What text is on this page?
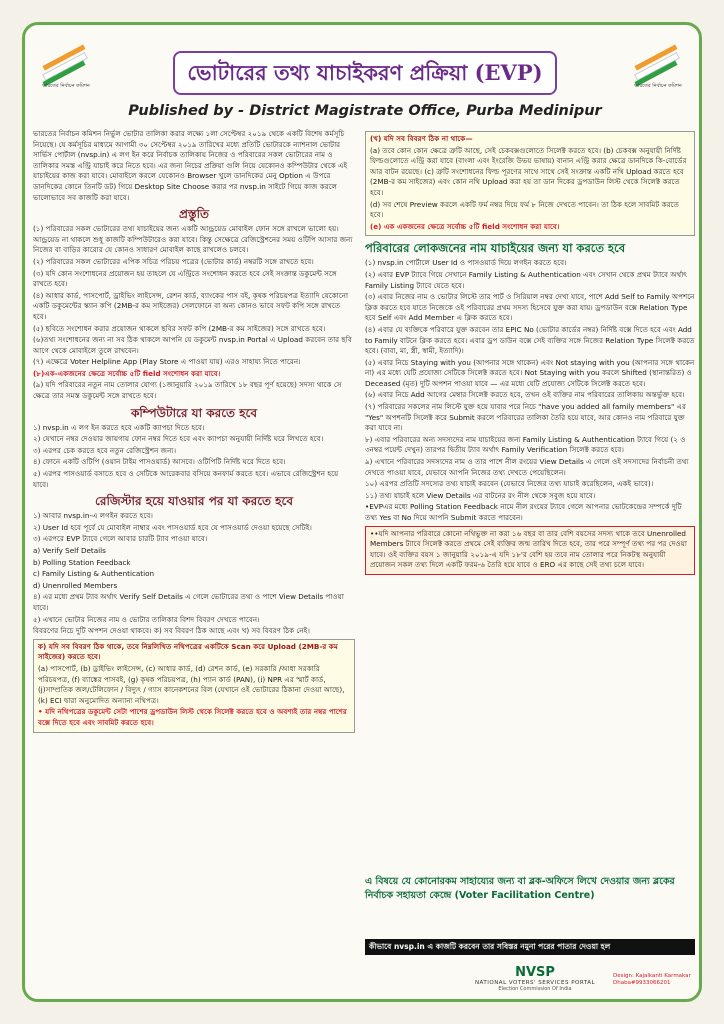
ভারতের নির্বাচন কমিশন	ভারতের নির্বাচন কমিশন
ভোটারের তথ্য যাচাইকরণ প্রক্রিয়া (EVP)
Published by - District Magistrate Office, Purba Medinipur

ভারতের নির্বাচন কমিশন নির্ভুল ভোটার তালিকা করার লক্ষ্যে ১লা সেপ্টেম্বর ২০১৯ থেকে একটি বিশেষ কর্মসূচি নিয়েছে। যে কর্মসূচির মাধ্যমে আগামী ৩০ সেপ্টেম্বর ২০১৯ তারিখের মধ্যে প্রতিটি ভোটারকে ন্যাশনাল ভোটার সার্ভিস পোর্টাল (nvsp.in) এ লগ ইন করে নির্বাচক তালিকায় নিজের ও পরিবারের সকল ভোটারের নাম ও তালিকার সমস্ত এন্ট্রি যাচাই করে নিতে হবে। এর জন্য নিচের প্রক্রিয়া গুলি নিয়ে যেকোনও কম্পিউটার থেকে এই যাচাইয়ের কাজ করা যাবে। মোবাইলে করলে যেকোনও Browser খুলে ডানদিকের মেনু Option এ উপরে ডানদিকের কোনে তিনটি ডট) গিয়ে Desktop Site Choose করার পর nvsp.in সাইটে গিয়ে কাজ করলে ভালোভাবে সব কাজটি করা যাবে।

প্রস্তুতি

(১) পরিবারের সকল ভোটারের তথ্য যাচাইয়ের জন্য একটি আন্ড্রয়েড মোবাইল ফোন সঙ্গে রাখলে ভালো হয়। আন্ড্রয়েড না থাকলে শুধু কাজটি কম্পিউটারেও করা যাবে। কিন্তু সেক্ষেত্রে রেজিস্ট্রেশনের সময় ওটিপি আসার জন্য নিজের বা বাড়ির কারোর যে কোনও সাধারণ মোবাইল কাছে রাখলেও চলবে।

(২) পরিবারের সকল ভোটারের এপিক সচিত্র পরিচয় পত্রের (ভোটার কার্ড) নম্বরটি সঙ্গে রাখতে হবে।

(৩) যদি কোন সংশোধনের প্রয়োজন হয় তাহলে যে এন্ট্রিতে সংশোধন করতে হবে সেই সংক্রান্ত ডকুমেন্ট সঙ্গে রাখতে হবে।

(৪) আধার কার্ড, পাসপোর্ট, ড্রাইভিং লাইসেন্স, রেশন কার্ড, ব্যাংকের পাস বই, কৃষক পরিচয়পত্র ইত্যাদি যেকোনো একটি ডকুমেন্টের স্ক্যান কপি (2MB-র কম সাইজের) সেলফোনে বা অন্য কোনও ভাবে সফট কপি সঙ্গে রাখতে হবে।

(৫) ছবিতে সংশোধন করার প্রয়োজন থাকলে ছবির সফট কপি (2MB-র কম সাইজের) সঙ্গে রাখতে হবে।

(৬)তথ্য সংশোধনের জন্য না সব ঠিক থাকলে আপনি যে ডকুমেন্ট nvsp.in Portal এ Upload করবেন তার ছবি আগে থেকে মোবাইলে তুলে রাখবেন।

(৭) এক্ষেত্রে Voter Helpline App (Play Store এ পাওয়া যায়) এরও সাহায্য নিতে পারেন।

(৮)এক-একজনের ক্ষেত্রে সর্বোচ্চ ৫টি field সংশোধন করা যাবে।

(৯) যদি পরিবারের নতুন নাম তোলার যোগ্য (১জানুয়ারি ২০১৯ তারিখে ১৮ বছর পূর্ণ হয়েছে) সদস্য থাকে সে ক্ষেত্রে তার সমস্ত ডকুমেন্ট সঙ্গে রাখতে হবে।

কম্পিউটারে যা করতে হবে

১) nvsp.in এ লগ ইন করতে হবে একটি ক্যাপচা দিতে হবে।

২) যেখানে নম্বর দেওয়ার জায়গায় ফোন নম্বর দিতে হবে এবং ক্যাপচা অনুযায়ী নির্দিষ্ট ঘরে লিখতে হবে।

৩) এরপর চেক করতে হবে নতুন রেজিস্ট্রেশন জন্য।

৪) ফোনে একটি ওটিপি (ওয়ান টাইম পাসওয়ার্ড) আসবে। ওটিপিটি নির্দিষ্ট ঘরে দিতে হবে।

৫) এরপর পাসওয়ার্ড বসাতে হবে ও সেটিকে আরেকবার বসিয়ে কনফার্ম করতে হবে। এভাবে রেজিস্ট্রেশন হয়ে যাবে।

রেজিস্টার হয়ে যাওয়ার পর যা করতে হবে

১) আবার nvsp.in-এ লগইন করতে হবে।

২) User Id হবে পূর্বে যে মোবাইল নাম্বার এবং পাসওয়ার্ড হবে যে পাসওয়ার্ড দেওয়া হয়েছে সেটিই।

৩) এরপরে EVP ট্যাবে গেলে আবার চারটি ট্যাব পাওয়া যাবে।

a) Verify Self Details

b) Polling Station Feedback

c) Family Listing & Authentication

d) Unenrolled Members

৪) এর মধ্যে প্রথম ট্যাব অর্থাৎ Verify Self Details এ গেলে ভোটারের তথ্য ও পাশে View Details পাওয়া যাবে।

৫) এখানে ভোটার নিজের নাম ও ভোটার তালিকার বিশদ বিবরণ দেখতে পাবেন।

বিবরণের নিচে দুটি অপশন দেওয়া থাকবে। ক) সব বিবরণ ঠিক আছে এবং খ) সব বিবরণ ঠিক নেই।

ক) যদি সব বিবরণ ঠিক থাকে, তবে নিম্নলিখিত নথিপত্রের একটিকে Scan করে Upload (2MB-র কম সাইজের) করতে হবে।

(a) পাসপোর্ট, (b) ড্রাইভিং লাইসেন্স, (c) আধার কার্ড, (d) রেশন কার্ড, (e) সরকারি /আধা সরকারি পরিচয়পত্র, (f) ব্যাঙ্কের পাসবই, (g) কৃষক পরিচয়পত্র, (h) প্যান কার্ড (PAN), (i) NPR এর স্মার্ট কার্ড, (j)সাম্প্রতিক জল/টেলিফোন / বিদ্যুৎ / গ্যাস কানেকশনের বিল (যেখানে ওই ভোটারের ঠিকানা দেওয়া আছে), (k) ECI দ্বারা অনুমোদিত অন্যান্য নথিপত্র।

• যদি নথিপত্রের ডকুমেন্ট সেটা পাশের ড্রপডাউন লিস্ট থেকে সিলেক্ট করতে হবে ও অবশ্যই তার নম্বর পাশের বক্সে দিতে হবে এবং সাবমিট করতে হবে।

(খ) যদি সব বিবরণ ঠিক না থাকে—

(a) তবে কোন কোন ক্ষেত্রে ত্রুটি আছে, সেই চেকবক্সগুলোতে সিলেক্ট করতে হবে। (b) চেকবক্স অনুযায়ী নির্দিষ্ট ফিল্ডগুলোতে এন্ট্রি করা যাবে (বাংলা এবং ইংরেজি উভয় ভাষায়) বানান এন্ট্রি করার ক্ষেত্রে ডানদিকে কি-বোর্ডের আর বাটন রয়েছে। (c) ত্রুটি সংশোধনের ফিল্ড পূরণের সাথে সাথে সেই সংক্রান্ত একটি নথি Upload করতে হবে (2MB-র কম সাইজের) এবং কোন নথি Upload করা হয় তা ডান দিকের ড্রপডাউন লিস্ট থেকে সিলেক্ট করতে হবে।

(d) সব শেষে Preview করলে একটি ফর্ম নম্বর দিয়ে ফর্ম ৮ নিজে দেখতে পাবেন। তা ঠিক হলে সাবমিট করতে হবে।

(e) এক একজনের ক্ষেত্রে সর্বোচ্চ ৫টি field সংশোধন করা যাবে।

পরিবারের লোকজনের নাম যাচাইয়ের জন্য যা করতে হবে

(১) nvsp.in পোর্টালে User Id ও পাসওয়ার্ড দিয়ে লগইন করতে হবে।

(২) এবার EVP ট্যাবে গিয়ে সেখানে Family Listing & Authentication এবং সেখান থেকে প্রথম ট্যাবে অর্থাৎ Family Listing ট্যাবে যেতে হবে।

(৩) এবার নিজের নাম ও ভোটার লিস্টে তার পার্ট ও সিরিয়াল নম্বর দেখা যাবে, পাশে Add Self to Family অপশনে ক্লিক করতে হবে যাতে নিজেকে ওই পরিবারের প্রথম সদস্য হিসেবে যুক্ত করা যায়। ড্রপডাউন বক্সে Relation Type হবে Self এবং Add Member এ ক্লিক করতে হবে।

(৪) এবার যে ব্যক্তিকে পরিবারে যুক্ত করবেন তার EPIC No (ভোটার কার্ডের নম্বর) নির্দিষ্ট বক্সে দিতে হবে এবং Add to Family বাটনে ক্লিক করতে হবে। এবার ড্রপ ডাউন বক্সে সেই ব্যক্তির সঙ্গে নিজের Relation Type সিলেক্ট করতে হবে। (বাবা, মা, স্ত্রী, স্বামী, ইত্যাদি)।

(৫) এবার নিচে Staying with you (আপনার সঙ্গে থাকেন) এবং Not staying with you (আপনার সঙ্গে থাকেন না) এর মধ্যে যেটি প্রযোজ্য সেটিকে সিলেক্ট করতে হবে। Not Staying with you করলে Shifted (স্থানান্তরিত) ও Deceased (মৃত) দুটি অপশন পাওয়া যাবে — এর মধ্যে যেটি প্রযোজ্য সেটিকে সিলেক্ট করতে হবে।

(৬) এবার নিচে Add আগের মেম্বার সিলেক্ট করতে হবে, তখন ওই ব্যক্তির নাম পরিবারের তালিকায় অন্তর্ভুক্ত হবে।

(৭) পরিবারের সকলের নাম লিস্টে যুক্ত হয়ে যাবার পরে নিচে "have you added all family members" এর "Yes" অপশনটি সিলেক্ট করে Submit করলে পরিবারের তালিকা তৈরি হয়ে যাবে, আর কোনও নাম পরিবারে যুক্ত করা যাবে না।

৮) এবার পরিবারের অন্য সদস্যদের নাম যাচাইয়ের জন্য Family Listing & Authentication ট্যাবে গিয়ে (২ ও ৩নম্বর পয়েন্ট দেখুন) তারপর দ্বিতীয় ট্যাব অর্থাৎ Family Verification সিলেক্ট করতে হবে।

৯) এখানে পরিবারের সদস্যদের নাম ও তার পাশে নীল রংয়ের View Details এ গেলে ওই সদস্যদের নির্বাচনী তথ্য দেখতে পাওয়া যাবে, যেভাবে আপনি নিজের তথ্য দেখতে পেয়েছিলেন।

১০) এরপর প্রতিটি সদস্যের তথ্য যাচাই করবেন (যেভাবে নিজের তথ্য যাচাই করেছিলেন, একই ভাবে)।

১১) তথ্য যাচাই হলে View Details এর বাটনের রং নীল থেকে সবুজ হয়ে যাবে।

•EVPএর মধ্যে Polling Station Feedback নামে নীল রংয়ের ট্যাবে গেলে আপনার ভোটকেন্দ্রের সম্পর্কে দুটি তথ্য Yes বা No দিয়ে আপনি Submit করতে পারবেন।

••যদি আপনার পরিবারে কোনো নথিভুক্ত না করা ১৬ বছর বা তার বেশি বয়সের সদস্য থাকে তবে Unenrolled Members ট্যাবে সিলেক্ট করতে প্রথমে সেই ব্যক্তির জন্ম তারিখ দিতে হবে, তার পরে সম্পূর্ণ তথ্য পর পর দেওয়া যাবে। ওই ব্যক্তির বয়স ১ জানুয়ারি ২০১৯-এ যদি ১৮'র বেশি হয় তবে নাম তোলার পরে নিকটস্থ অনুযায়ী প্রয়োজন সকল তথ্য দিলে একটি ফরম-৬ তৈরি হয়ে যাবে ও ERO এর কাছে সেই তথ্য চলে যাবে।

এ বিষয়ে যে কোনোরকম সাহায্যের জন্য বা ব্লক-অফিসে লিখে দেওয়ার জন্য ব্লকের নির্বাচক সহায়তা কেন্দ্রে (Voter Facilitation Centre)
কীভাবে nvsp.in এ কাজটি করবেন তার সবিস্তর নমুনা পরের পাতার দেওয়া হল
NVSP
NATIONAL VOTERS' SERVICES PORTAL
Election Commission Of India
Design: Kajalkanti Karmakar Dhaba#9933066201
